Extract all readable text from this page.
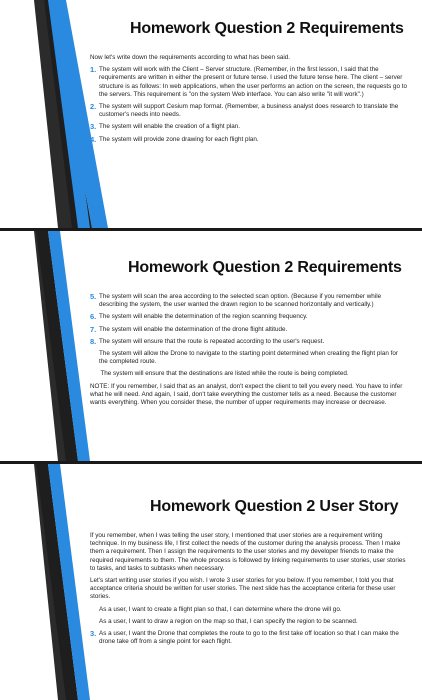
Homework Question 2 Requirements

Now let's write down the requirements according to what has been said.

1. The system will work with the Client – Server structure. (Remember, in the first lesson, I said that the requirements are written in either the present or future tense. I used the future tense here. The client – server structure is as follows: In web applications, when the user performs an action on the screen, the requests go to the servers. This requirement is "on the system Web interface. You can also write "it will work".)
2. The system will support Cesium map format. (Remember, a business analyst does research to translate the customer's needs into needs.
3. The system will enable the creation of a flight plan.
4. The system will provide zone drawing for each flight plan.
Homework Question 2 Requirements
5. The system will scan the area according to the selected scan option. (Because if you remember while describing the system, the user wanted the drawn region to be scanned horizontally and vertically.)
6. The system will enable the determination of the region scanning frequency.
7. The system will enable the determination of the drone flight altitude.
8. The system will ensure that the route is repeated according to the user's request.
9. The system will allow the Drone to navigate to the starting point determined when creating the flight plan for the completed route.
10. The system will ensure that the destinations are listed while the route is being completed.

NOTE: If you remember, I said that as an analyst, don't expect the client to tell you every need. You have to infer what he will need. And again, I said, don't take everything the customer tells as a need. Because the customer wants everything. When you consider these, the number of upper requirements may increase or decrease.

Homework Question 2 User Story

If you remember, when I was telling the user story, I mentioned that user stories are a requirement writing technique. In my business life, I first collect the needs of the customer during the analysis process. Then I make them a requirement. Then I assign the requirements to the user stories and my developer friends to make the required requirements to them. The whole process is followed by linking requirements to user stories, user stories to tasks, and tasks to subtasks when necessary.

Let's start writing user stories if you wish. I wrote 3 user stories for you below. If you remember, I told you that acceptance criteria should be written for user stories. The next slide has the acceptance criteria for these user stories.

1. As a user, I want to create a flight plan so that, I can determine where the drone will go.
2. As a user, I want to draw a region on the map so that, I can specify the region to be scanned.
3. As a user, I want the Drone that completes the route to go to the first take off location so that I can make the drone take off from a single point for each flight.
